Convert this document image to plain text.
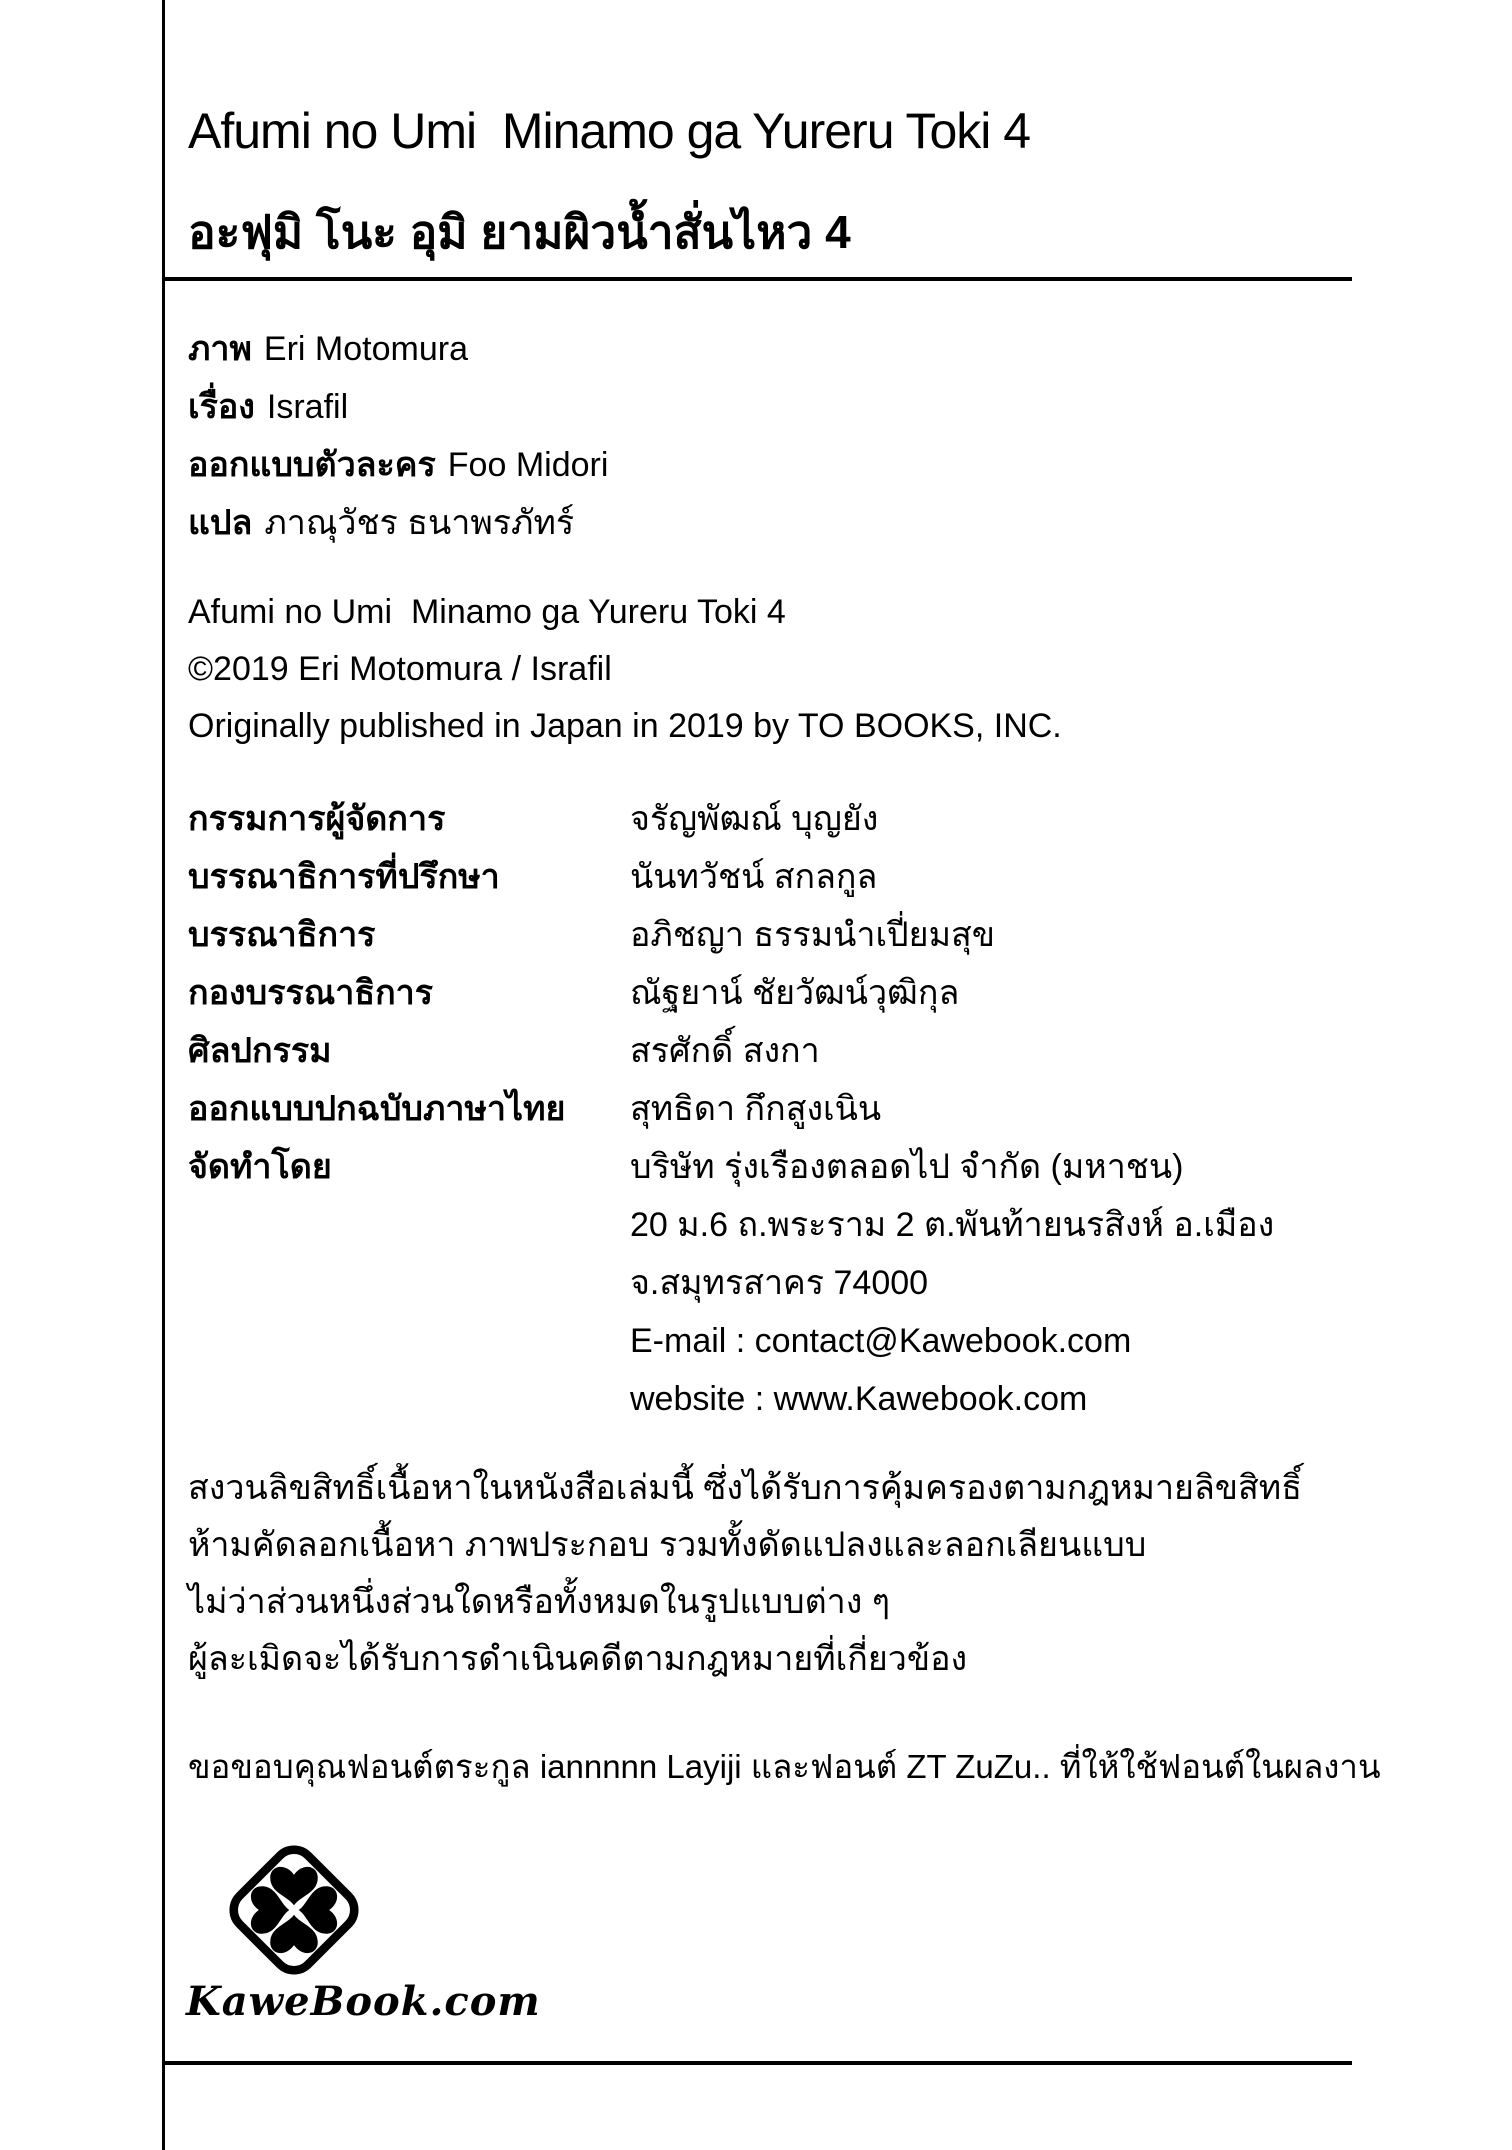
Afumi no Umi  Minamo ga Yureru Toki 4
อะฟุมิ โนะ อุมิ ยามผิวน้ำสั่นไหว 4
ภาพ Eri Motomura
เรื่อง Israfil
ออกแบบตัวละคร Foo Midori
แปล ภาณุวัชร ธนาพรภัทร์
Afumi no Umi  Minamo ga Yureru Toki 4
©2019 Eri Motomura / Israfil
Originally published in Japan in 2019 by TO BOOKS, INC.
กรรมการผู้จัดการ	จรัญพัฒณ์ บุญยัง
บรรณาธิการที่ปรึกษา	นันทวัชน์ สกลกูล
บรรณาธิการ	อภิชญา ธรรมนำเปี่ยมสุข
กองบรรณาธิการ	ณัฐยาน์ ชัยวัฒน์วุฒิกุล
ศิลปกรรม	สรศักดิ์ สงกา
ออกแบบปกฉบับภาษาไทย	สุทธิดา กึกสูงเนิน
จัดทำโดย	บริษัท รุ่งเรืองตลอดไป จำกัด (มหาชน)
20 ม.6 ถ.พระราม 2 ต.พันท้ายนรสิงห์ อ.เมือง
จ.สมุทรสาคร 74000
E-mail : contact@Kawebook.com
website : www.Kawebook.com
สงวนลิขสิทธิ์เนื้อหาในหนังสือเล่มนี้ ซึ่งได้รับการคุ้มครองตามกฎหมายลิขสิทธิ์
ห้ามคัดลอกเนื้อหา ภาพประกอบ รวมทั้งดัดแปลงและลอกเลียนแบบ
ไม่ว่าส่วนหนึ่งส่วนใดหรือทั้งหมดในรูปแบบต่าง ๆ
ผู้ละเมิดจะได้รับการดำเนินคดีตามกฎหมายที่เกี่ยวข้อง
ขอขอบคุณฟอนต์ตระกูล iannnnn Layiji และฟอนต์ ZT ZuZu.. ที่ให้ใช้ฟอนต์ในผลงาน
KaweBook.com
